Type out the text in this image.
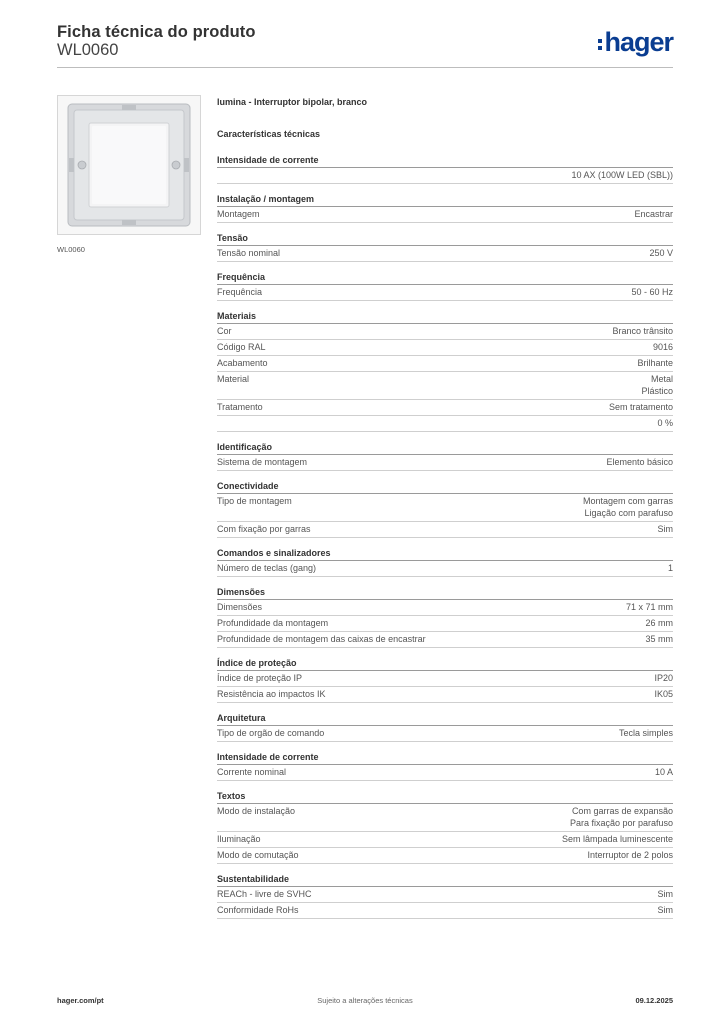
Ficha técnica do produto
WL0060	hager
WL0060
lumina - Interruptor bipolar, branco
Características técnicas
Intensidade de corrente
10 AX (100W LED (SBL))
Instalação / montagem
Montagem	Encastrar
Tensão
Tensão nominal	250 V
Frequência
Frequência	50 - 60 Hz
Materiais
Cor	Branco trânsito
Código RAL	9016
Acabamento	Brilhante
Material	Metal
Plástico
Tratamento	Sem tratamento
0 %
Identificação
Sistema de montagem	Elemento básico
Conectividade
Tipo de montagem	Montagem com garras
Ligação com parafuso
Com fixação por garras	Sim
Comandos e sinalizadores
Número de teclas (gang)	1
Dimensões
Dimensões	71 x 71 mm
Profundidade da montagem	26 mm
Profundidade de montagem das caixas de encastrar	35 mm
Índice de proteção
Índice de proteção IP	IP20
Resistência ao impactos IK	IK05
Arquitetura
Tipo de orgão de comando	Tecla simples
Intensidade de corrente
Corrente nominal	10 A
Textos
Modo de instalação	Com garras de expansão
Para fixação por parafuso
Iluminação	Sem lâmpada luminescente
Modo de comutação	Interruptor de 2 polos
Sustentabilidade
REACh - livre de SVHC	Sim
Conformidade RoHs	Sim
Sujeito a alterações técnicas
hager.com/pt	09.12.2025
